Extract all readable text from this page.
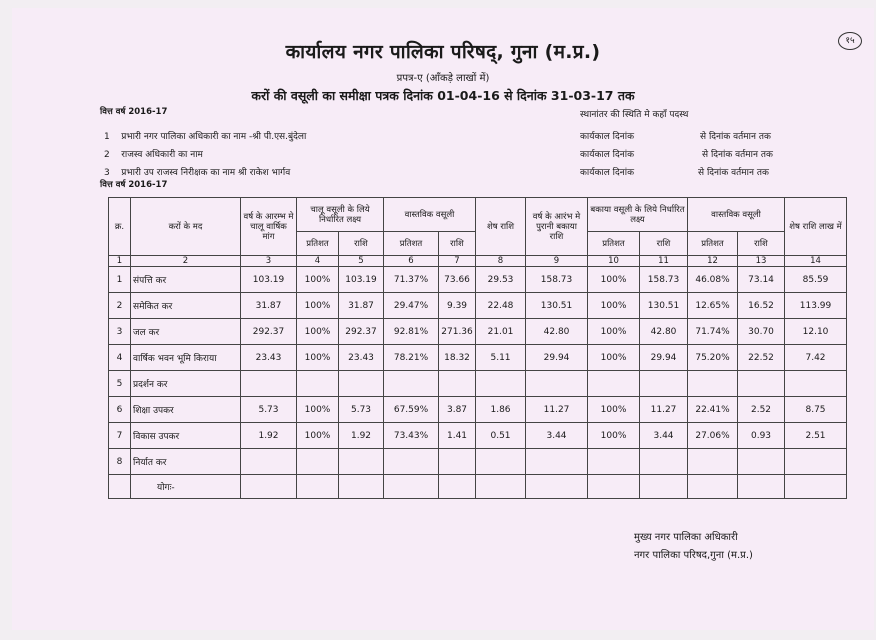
१५
कार्यालय नगर पालिका परिषद्, गुना (म.प्र.)
प्रपत्र-ए (आँकड़े लाखों में)
करों की वसूली का समीक्षा पत्रक दिनांक 01-04-16 से दिनांक 31-03-17 तक
वित्त वर्ष 2016-17
1 प्रभारी नगर पालिका अधिकारी का नाम -श्री पी.एस.बुंदेला
2 राजस्व अधिकारी का नाम
3 प्रभारी उप राजस्व निरीक्षक का नाम श्री राकेश भार्गव
स्थानांतर की स्थिति मे कहाँ पदस्थ
कार्यकाल दिनांक	से दिनांक वर्तमान तक
कार्यकाल दिनांक	से दिनांक वर्तमान तक
कार्यकाल दिनांक	से दिनांक वर्तमान तक
वित्त वर्ष 2016-17
क्र.	करों के मद	वर्ष के आरम्भ मे चालू वार्षिक मांग	चालू वसूली के लिये निर्धारित लक्ष्य		वास्तविक वसूली		शेष राशि	वर्ष के आरंभ मे पुरानी बकाया राशि	बकाया वसूली के लिये निर्धारित लक्ष्य		वास्तविक वसूली		शेष राशि लाख में
			प्रतिशत	राशि	प्रतिशत	राशि			प्रतिशत	राशि	प्रतिशत	राशि	
1	2	3	4	5	6	7	8	9	10	11	12	13	14
1	संपत्ति कर	103.19	100%	103.19	71.37%	73.66	29.53	158.73	100%	158.73	46.08%	73.14	85.59
2	समेकित कर	31.87	100%	31.87	29.47%	9.39	22.48	130.51	100%	130.51	12.65%	16.52	113.99
3	जल कर	292.37	100%	292.37	92.81%	271.36	21.01	42.80	100%	42.80	71.74%	30.70	12.10
4	वार्षिक भवन भूमि किराया	23.43	100%	23.43	78.21%	18.32	5.11	29.94	100%	29.94	75.20%	22.52	7.42
5	प्रदर्शन कर												
6	शिक्षा उपकर	5.73	100%	5.73	67.59%	3.87	1.86	11.27	100%	11.27	22.41%	2.52	8.75
7	विकास उपकर	1.92	100%	1.92	73.43%	1.41	0.51	3.44	100%	3.44	27.06%	0.93	2.51
8	निर्यात कर												
	योगः-												
मुख्य नगर पालिका अधिकारी
नगर पालिका परिषद,गुना (म.प्र.)
